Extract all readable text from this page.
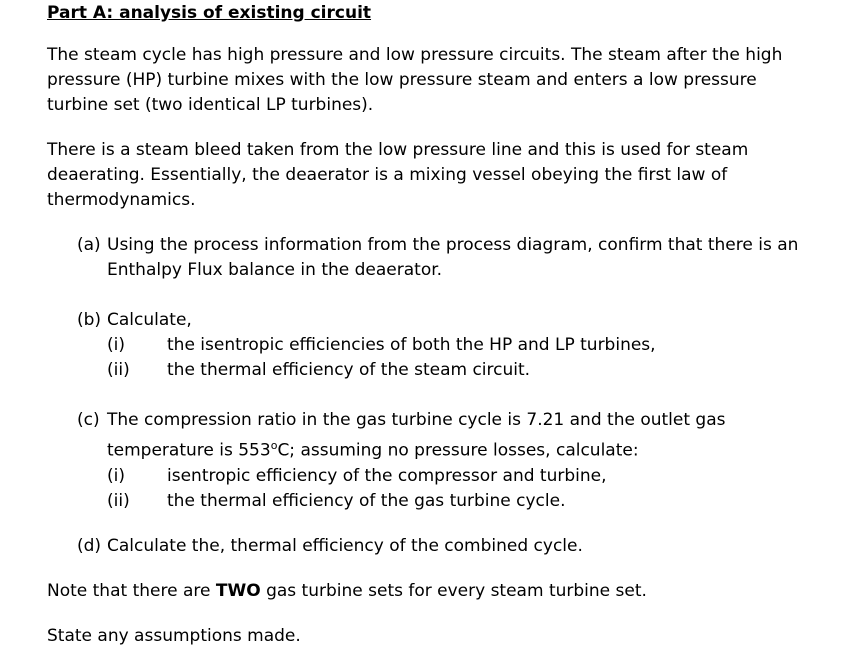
Part A: analysis of existing circuit
The steam cycle has high pressure and low pressure circuits. The steam after the high
pressure (HP) turbine mixes with the low pressure steam and enters a low pressure
turbine set (two identical LP turbines).
There is a steam bleed taken from the low pressure line and this is used for steam
deaerating. Essentially, the deaerator is a mixing vessel obeying the first law of
thermodynamics.
(a) Using the process information from the process diagram, confirm that there is an
Enthalpy Flux balance in the deaerator.
(b) Calculate,
(i)	the isentropic efficiencies of both the HP and LP turbines,
(ii)	the thermal efficiency of the steam circuit.
(c) The compression ratio in the gas turbine cycle is 7.21 and the outlet gas
temperature is 553$^o$C; assuming no pressure losses, calculate:
(i)	isentropic efficiency of the compressor and turbine,
(ii)	the thermal efficiency of the gas turbine cycle.
(d) Calculate the, thermal efficiency of the combined cycle.
Note that there are TWO gas turbine sets for every steam turbine set.
State any assumptions made.
